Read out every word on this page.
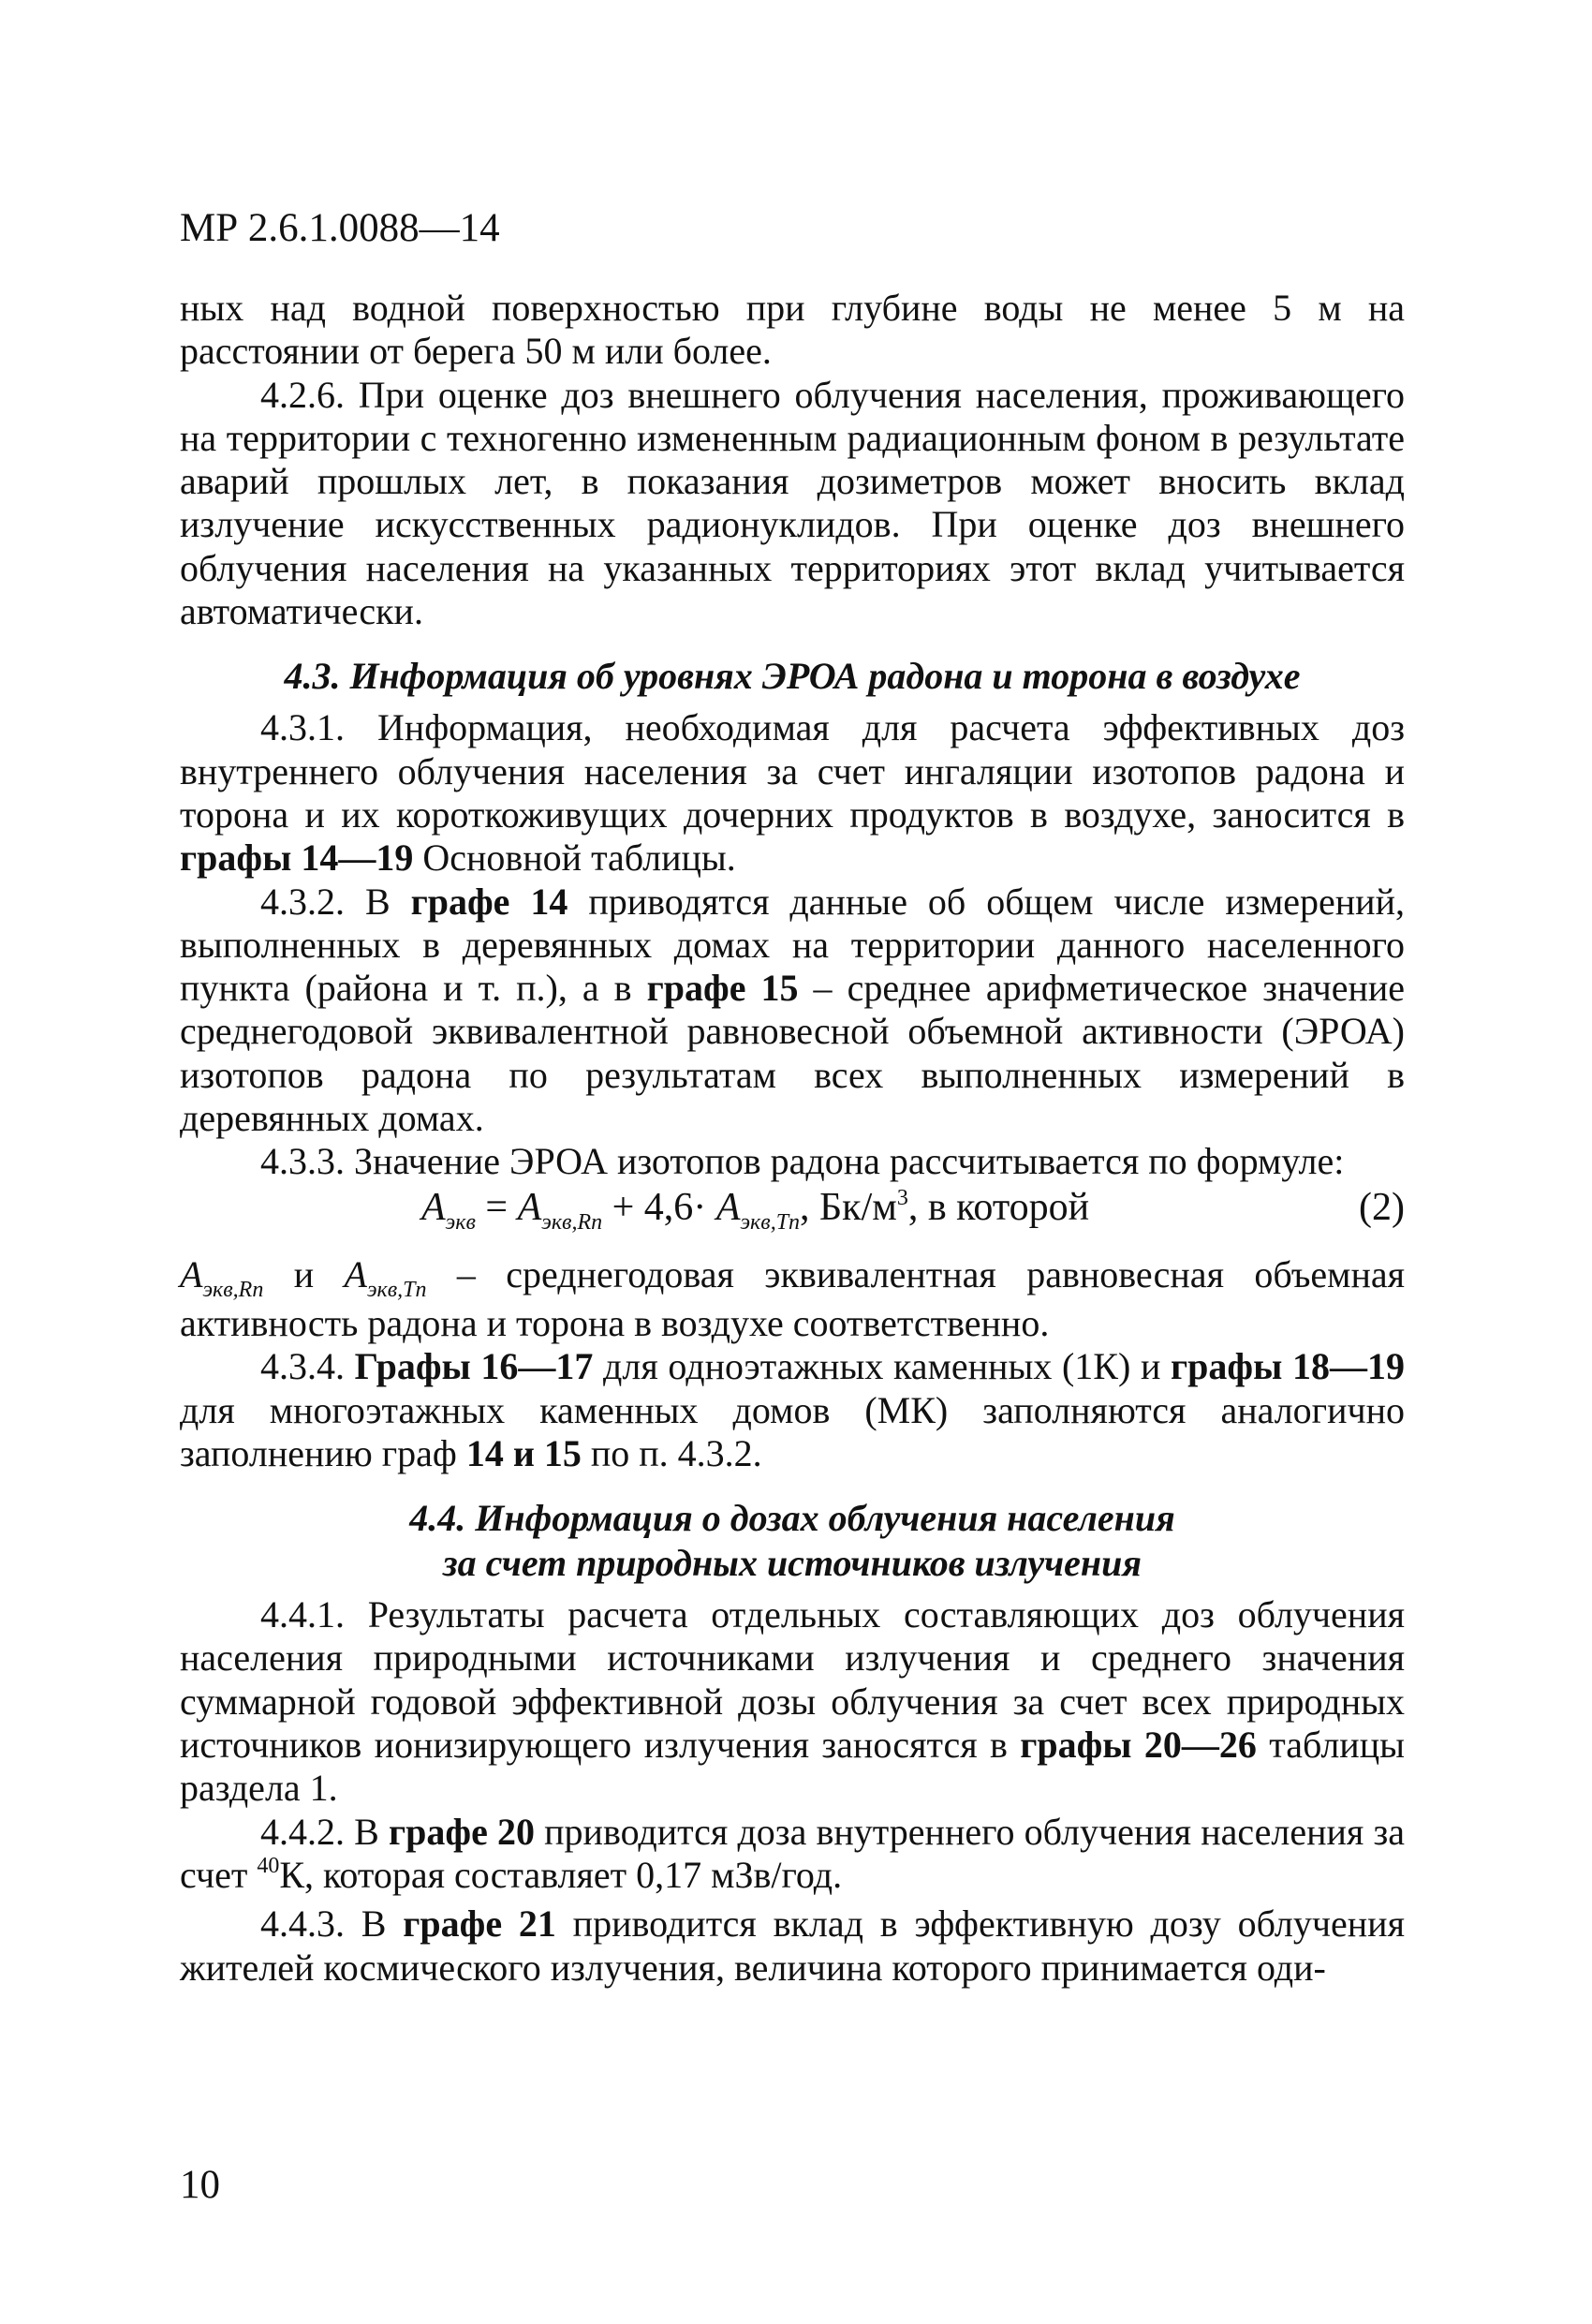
МР 2.6.1.0088—14

ных над водной поверхностью при глубине воды не менее 5 м на расстоянии от берега 50 м или более.

4.2.6. При оценке доз внешнего облучения населения, проживающего на территории с техногенно измененным радиационным фоном в результате аварий прошлых лет, в показания дозиметров может вносить вклад излучение искусственных радионуклидов. При оценке доз внешнего облучения населения на указанных территориях этот вклад учитывается автоматически.

4.3. Информация об уровнях ЭРОА радона и торона в воздухе

4.3.1. Информация, необходимая для расчета эффективных доз внутреннего облучения населения за счет ингаляции изотопов радона и торона и их короткоживущих дочерних продуктов в воздухе, заносится в графы 14—19 Основной таблицы.

4.3.2. В графе 14 приводятся данные об общем числе измерений, выполненных в деревянных домах на территории данного населенного пункта (района и т. п.), а в графе 15 – среднее арифметическое значение среднегодовой эквивалентной равновесной объемной активности (ЭРОА) изотопов радона по результатам всех выполненных измерений в деревянных домах.

4.3.3. Значение ЭРОА изотопов радона рассчитывается по формуле:

$A_{экв} = A_{экв,Rn} + 4,6\cdot A_{экв,Tn}$, $Бк/м^3$, в которой	(2)

$A_{экв,Rn}$ и $A_{экв,Tn}$ – среднегодовая эквивалентная равновесная объемная активность радона и торона в воздухе соответственно.

4.3.4. Графы 16—17 для одноэтажных каменных (1К) и графы 18—19 для многоэтажных каменных домов (МК) заполняются аналогично заполнению граф 14 и 15 по п. 4.3.2.

4.4. Информация о дозах облучения населения
за счет природных источников излучения

4.4.1. Результаты расчета отдельных составляющих доз облучения населения природными источниками излучения и среднего значения суммарной годовой эффективной дозы облучения за счет всех природных источников ионизирующего излучения заносятся в графы 20—26 таблицы раздела 1.

4.4.2. В графе 20 приводится доза внутреннего облучения населения за счет $^{40}$К, которая составляет 0,17 мЗв/год.

4.4.3. В графе 21 приводится вклад в эффективную дозу облучения жителей космического излучения, величина которого принимается оди-

10
